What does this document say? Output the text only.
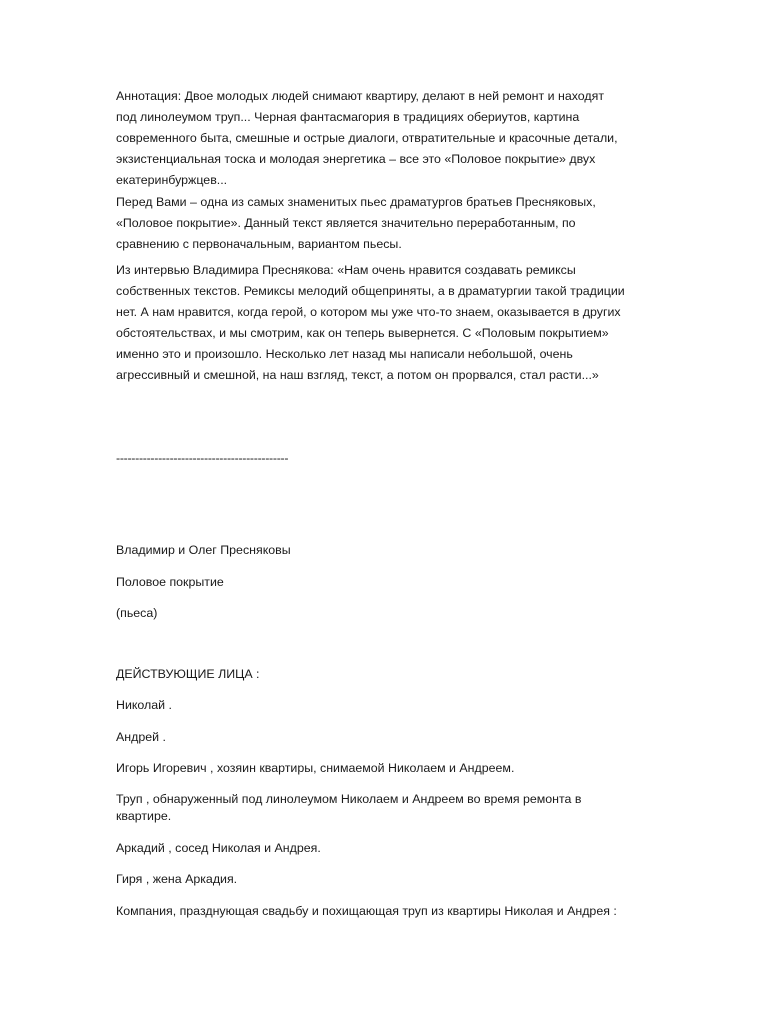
Аннотация: Двое молодых людей снимают квартиру, делают в ней ремонт и находят
под линолеумом труп... Черная фантасмагория в традициях обериутов, картина
современного быта, смешные и острые диалоги, отвратительные и красочные детали,
экзистенциальная тоска и молодая энергетика – все это «Половое покрытие» двух
екатеринбуржцев...

Перед Вами – одна из самых знаменитых пьес драматургов братьев Пресняковых,
«Половое покрытие». Данный текст является значительно переработанным, по
сравнению с первоначальным, вариантом пьесы.

Из интервью Владимира Преснякова: «Нам очень нравится создавать ремиксы
собственных текстов. Ремиксы мелодий общеприняты, а в драматургии такой традиции
нет. А нам нравится, когда герой, о котором мы уже что-то знаем, оказывается в других
обстоятельствах, и мы смотрим, как он теперь вывернется. С «Половым покрытием»
именно это и произошло. Несколько лет назад мы написали небольшой, очень
агрессивный и смешной, на наш взгляд, текст, а потом он прорвался, стал расти...»

---------------------------------------------

Владимир и Олег Пресняковы

Половое покрытие

(пьеса)

ДЕЙСТВУЮЩИЕ ЛИЦА :

Николай .

Андрей .

Игорь Игоревич , хозяин квартиры, снимаемой Николаем и Андреем.

Труп , обнаруженный под линолеумом Николаем и Андреем во время ремонта в

квартире.

Аркадий , сосед Николая и Андрея.

Гиря , жена Аркадия.

Компания, празднующая свадьбу и похищающая труп из квартиры Николая и Андрея :
